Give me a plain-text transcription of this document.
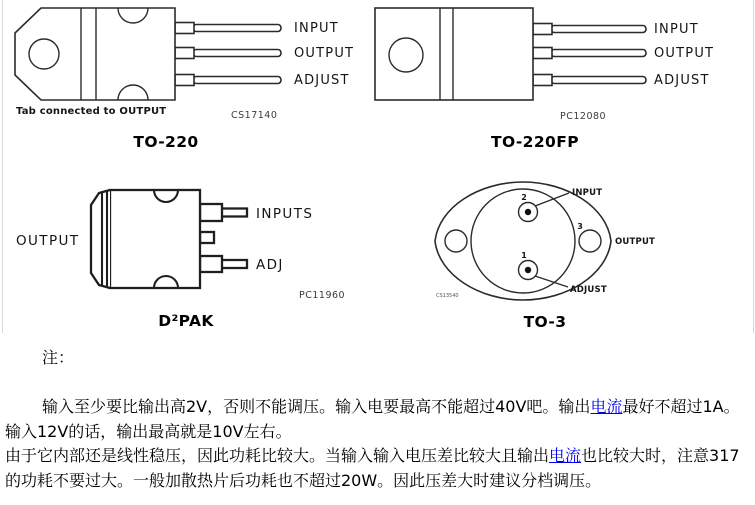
INPUT
OUTPUT
ADJUST
Tab connected to OUTPUT	CS17140
TO-220
INPUT
OUTPUT
ADJUST
PC12080
TO-220FP
INPUTS
ADJ
OUTPUT
PC11960
D²PAK
2
1
3
INPUT
ADJUST
OUTPUT
CS13540
TO-3

注：

输入至少要比输出高2V，否则不能调压。输入电要最高不能超过40V吧。输出电流最好不超过1A。

输入12V的话，输出最高就是10V左右。

由于它内部还是线性稳压，因此功耗比较大。当输入输入电压差比较大且输出电流也比较大时，注意317

的功耗不要过大。一般加散热片后功耗也不超过20W。因此压差大时建议分档调压。
